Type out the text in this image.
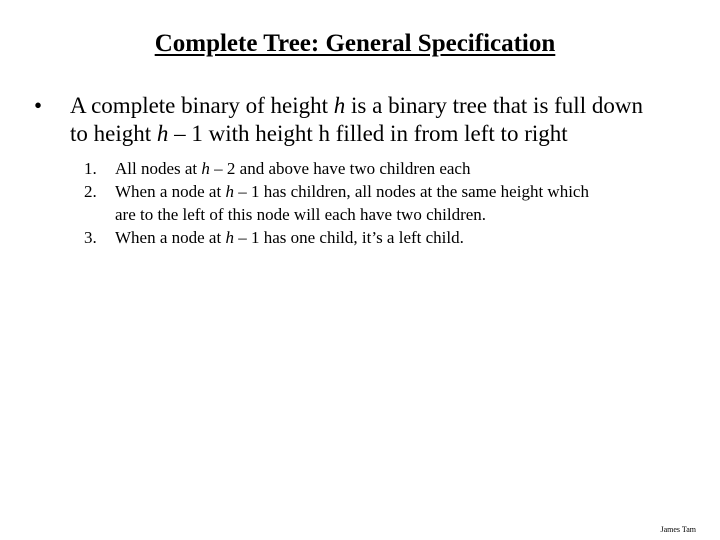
Complete Tree: General Specification
•	A complete binary of height h is a binary tree that is full down
to height h – 1 with height h filled in from left to right
1. All nodes at h – 2 and above have two children each
2. When a node at h – 1 has children, all nodes at the same height which
are to the left of this node will each have two children.
3. When a node at h – 1 has one child, it’s a left child.
James Tam
